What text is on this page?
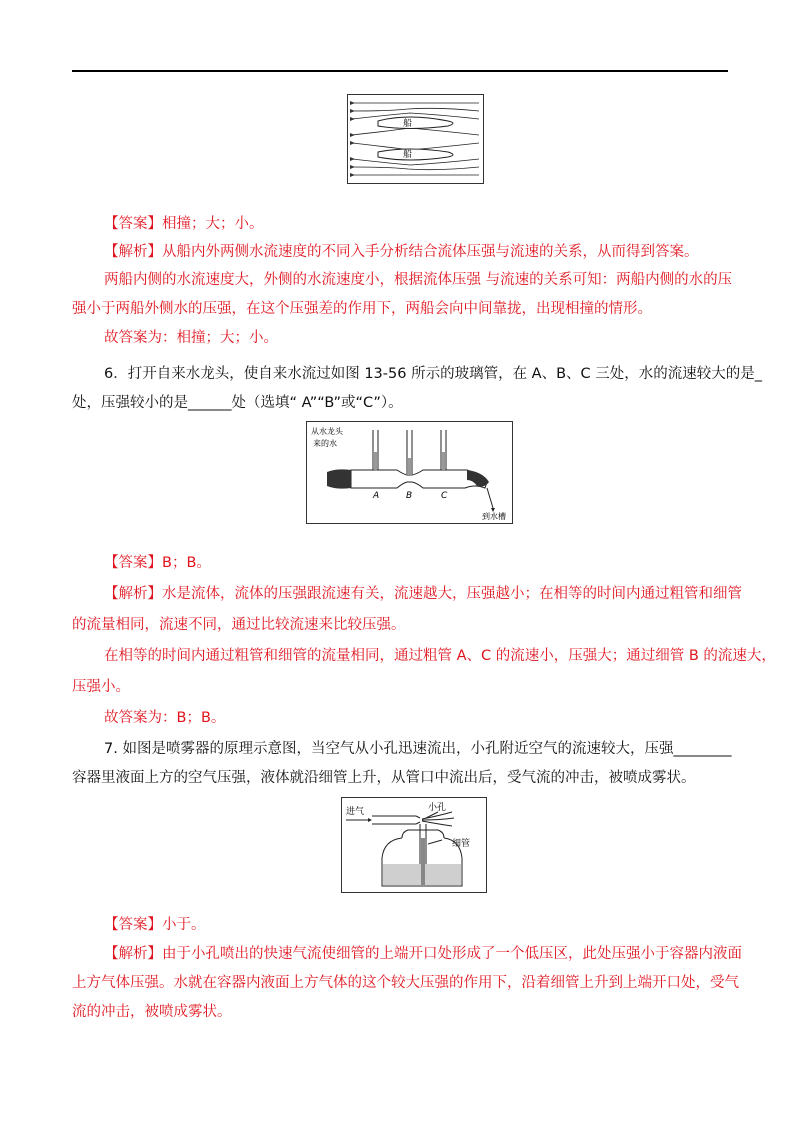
船
船
【答案】相撞；大；小。
【解析】从船内外两侧水流速度的不同入手分析结合流体压强与流速的关系，从而得到答案。
两船内侧的水流速度大，外侧的水流速度小，根据流体压强 与流速的关系可知：两船内侧的水的压
强小于两船外侧水的压强，在这个压强差的作用下，两船会向中间靠拢，出现相撞的情形。
故答案为：相撞；大；小。
6．打开自来水龙头，使自来水流过如图 13-56 所示的玻璃管，在 A、B、C 三处，水的流速较大的是_
处，压强较小的是______处（选填“ A”“B”或“C”）。
从水龙头
来的水
A	B	C
到水槽
【答案】B；B。
【解析】水是流体，流体的压强跟流速有关，流速越大，压强越小；在相等的时间内通过粗管和细管
的流量相同，流速不同，通过比较流速来比较压强。
在相等的时间内通过粗管和细管的流量相同，通过粗管 A、C 的流速小，压强大；通过细管 B 的流速大，
压强小。
故答案为：B；B。
7. 如图是喷雾器的原理示意图，当空气从小孔迅速流出，小孔附近空气的流速较大，压强________
容器里液面上方的空气压强，液体就沿细管上升，从管口中流出后，受气流的冲击，被喷成雾状。
进气	小孔
细管
【答案】小于。
【解析】由于小孔喷出的快速气流使细管的上端开口处形成了一个低压区，此处压强小于容器内液面
上方气体压强。水就在容器内液面上方气体的这个较大压强的作用下，沿着细管上升到上端开口处，受气
流的冲击，被喷成雾状。
